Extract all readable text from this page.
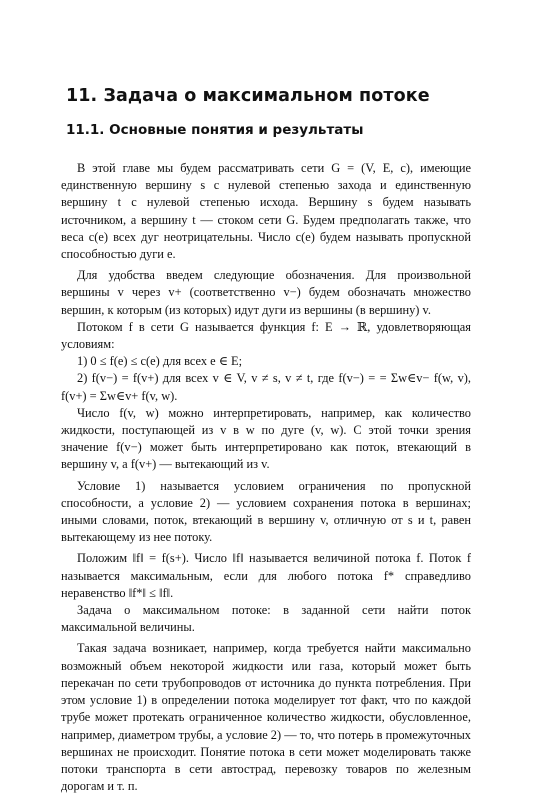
11. Задача о максимальном потоке
11.1. Основные понятия и результаты

В этой главе мы будем рассматривать сети G = (V, E, c), имеющие единственную вершину s с нулевой степенью захода и единственную вершину t с нулевой степенью исхода. Вершину s будем называть источником, а вершину t — стоком сети G. Будем предполагать также, что веса c(e) всех дуг неотрицательны. Число c(e) будем называть пропускной способностью дуги e.

Для удобства введем следующие обозначения. Для произвольной вершины v через v+ (соответственно v−) будем обозначать множество вершин, к которым (из которых) идут дуги из вершины (в вершину) v.

Потоком f в сети G называется функция f: E → ℝ, удовлетворяющая условиям:

1) 0 ≤ f(e) ≤ c(e) для всех e ∈ E;

2) f(v−) = f(v+) для всех v ∈ V, v ≠ s, v ≠ t, где f(v−) = = Σw∈v− f(w, v), f(v+) = Σw∈v+ f(v, w).

Число f(v, w) можно интерпретировать, например, как количество жидкости, поступающей из v в w по дуге (v, w). С этой точки зрения значение f(v−) может быть интерпретировано как поток, втекающий в вершину v, а f(v+) — вытекающий из v.

Условие 1) называется условием ограничения по пропускной способности, а условие 2) — условием сохранения потока в вершинах; иными словами, поток, втекающий в вершину v, отличную от s и t, равен вытекающему из нее потоку.

Положим ‖f‖ = f(s+). Число ‖f‖ называется величиной потока f. Поток f называется максимальным, если для любого потока f* справедливо неравенство ‖f*‖ ≤ ‖f‖.

Задача о максимальном потоке: в заданной сети найти поток максимальной величины.

Такая задача возникает, например, когда требуется найти максимально возможный объем некоторой жидкости или газа, который может быть перекачан по сети трубопроводов от источника до пункта потребления. При этом условие 1) в определении потока моделирует тот факт, что по каждой трубе может протекать ограниченное количество жидкости, обусловленное, например, диаметром трубы, а условие 2) — то, что потерь в промежуточных вершинах не происходит. Понятие потока в сети может моделировать также потоки транспорта в сети автострад, перевозку товаров по железным дорогам и т. п.
